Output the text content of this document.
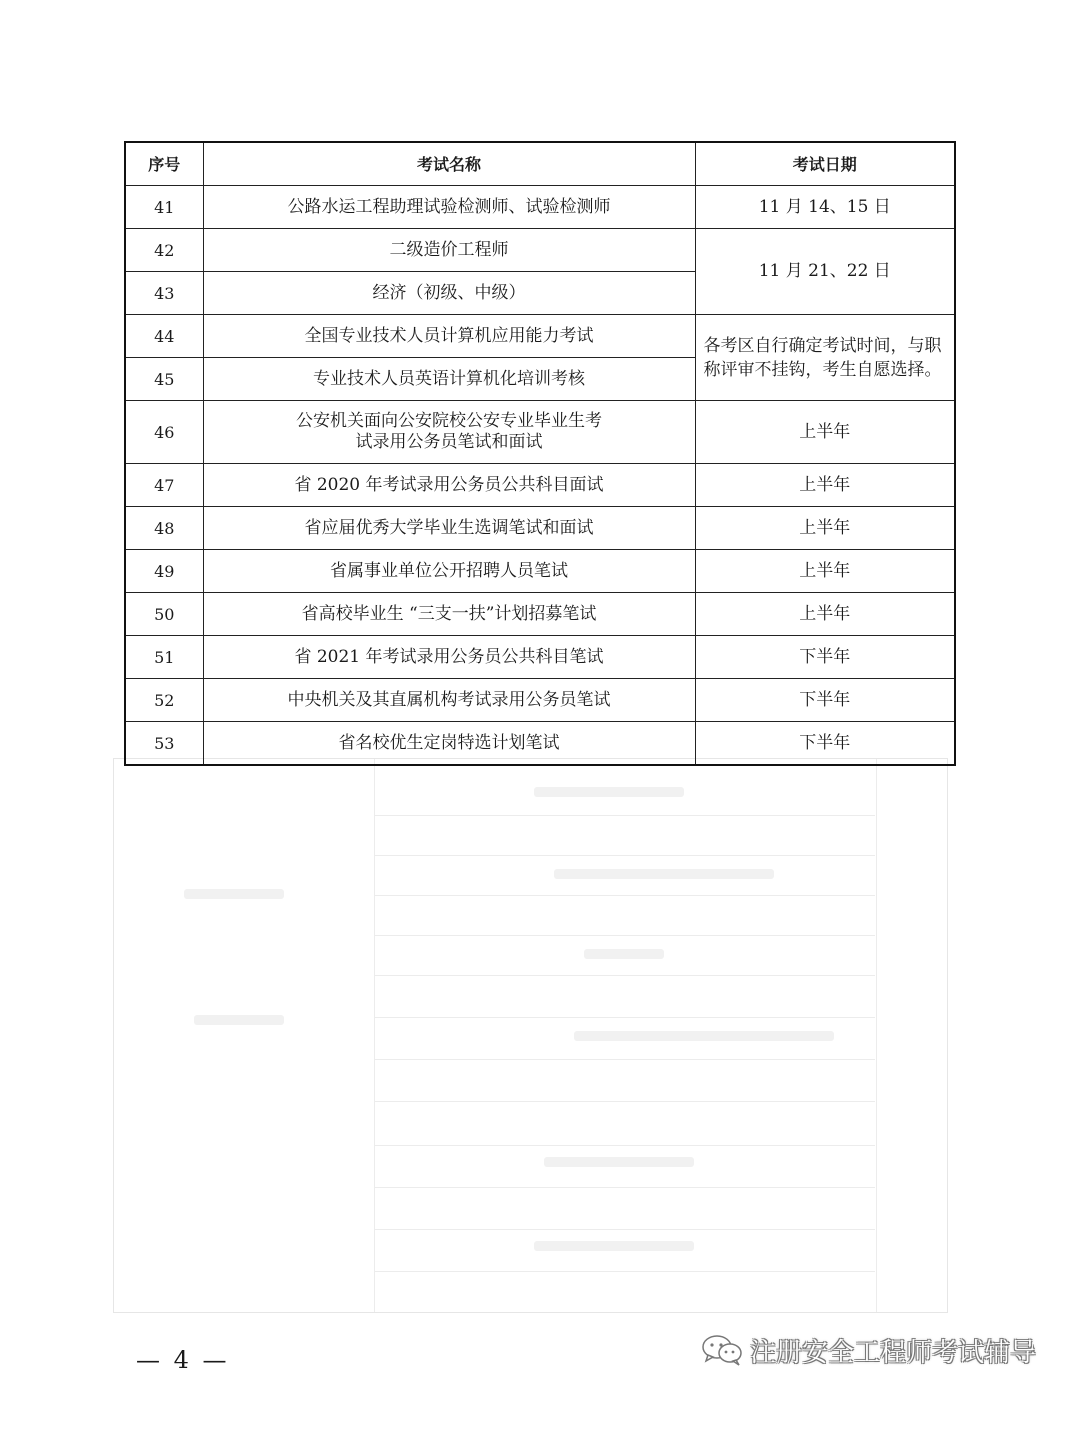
序号	考试名称	考试日期
41	公路水运工程助理试验检测师、试验检测师	11 月 14、15 日
42	二级造价工程师	11 月 21、22 日
43	经济（初级、中级）	
44	全国专业技术人员计算机应用能力考试	各考区自行确定考试时间，与职称评审不挂钩，考生自愿选择。
45	专业技术人员英语计算机化培训考核	
46	公安机关面向公安院校公安专业毕业生考试录用公务员笔试和面试	上半年
47	省 2020 年考试录用公务员公共科目面试	上半年
48	省应届优秀大学毕业生选调笔试和面试	上半年
49	省属事业单位公开招聘人员笔试	上半年
50	省高校毕业生 “三支一扶”计划招募笔试	上半年
51	省 2021 年考试录用公务员公共科目笔试	下半年
52	中央机关及其直属机构考试录用公务员笔试	下半年
53	省名校优生定岗特选计划笔试	下半年
— 4 —	注册安全工程师考试辅导
